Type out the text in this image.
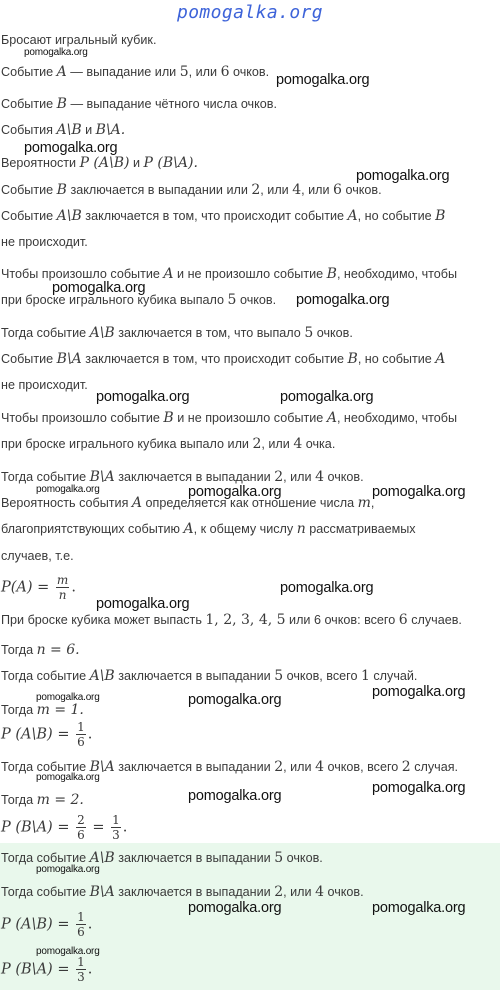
pomogalka.org
Бросают игральный кубик.
Событие A — выпадание или 5, или 6 очков.
Событие B — выпадание чётного числа очков.
События A\B и B\A.
Вероятности P (A\B) и P (B\A).
Событие B заключается в выпадании или 2, или 4, или 6 очков.
Событие A\B заключается в том, что происходит событие A, но событие B
не происходит.
Чтобы произошло событие A и не произошло событие B, необходимо, чтобы
при броске игрального кубика выпало 5 очков.
Тогда событие A\B заключается в том, что выпало 5 очков.
Событие B\A заключается в том, что происходит событие B, но событие A
не происходит.
Чтобы произошло событие B и не произошло событие A, необходимо, чтобы
при броске игрального кубика выпало или 2, или 4 очка.
Тогда событие B\A заключается в выпадании 2, или 4 очков.
Вероятность события A определяется как отношение числа m,
благоприятствующих событию A, к общему числу n рассматриваемых
случаев, т.е.
$P(A) = \frac{m}{n}$ .
При броске кубика может выпасть 1, 2, 3, 4, 5 или 6 очков: всего 6 случаев.
Тогда n = 6.
Тогда событие A\B заключается в выпадании 5 очков, всего 1 случай.
Тогда m = 1.
P (A\B) = $\frac{1}{6}$ .
Тогда событие B\A заключается в выпадании 2, или 4 очков, всего 2 случая.
Тогда m = 2.
P (B\A) = $\frac{2}{6} = \frac{1}{3}$ .
Тогда событие A\B заключается в выпадании 5 очков.
Тогда событие B\A заключается в выпадании 2, или 4 очков.
P (A\B) = $\frac{1}{6}$ .
P (B\A) = $\frac{1}{3}$ .
pomogalka.org
pomogalka.org
pomogalka.org
pomogalka.org
pomogalka.org
pomogalka.org
pomogalka.org	pomogalka.org
pomogalka.org	pomogalka.org	pomogalka.org
pomogalka.org
pomogalka.org
pomogalka.org
pomogalka.org	pomogalka.org
pomogalka.org
pomogalka.org
pomogalka.org
pomogalka.org
pomogalka.org	pomogalka.org
pomogalka.org
